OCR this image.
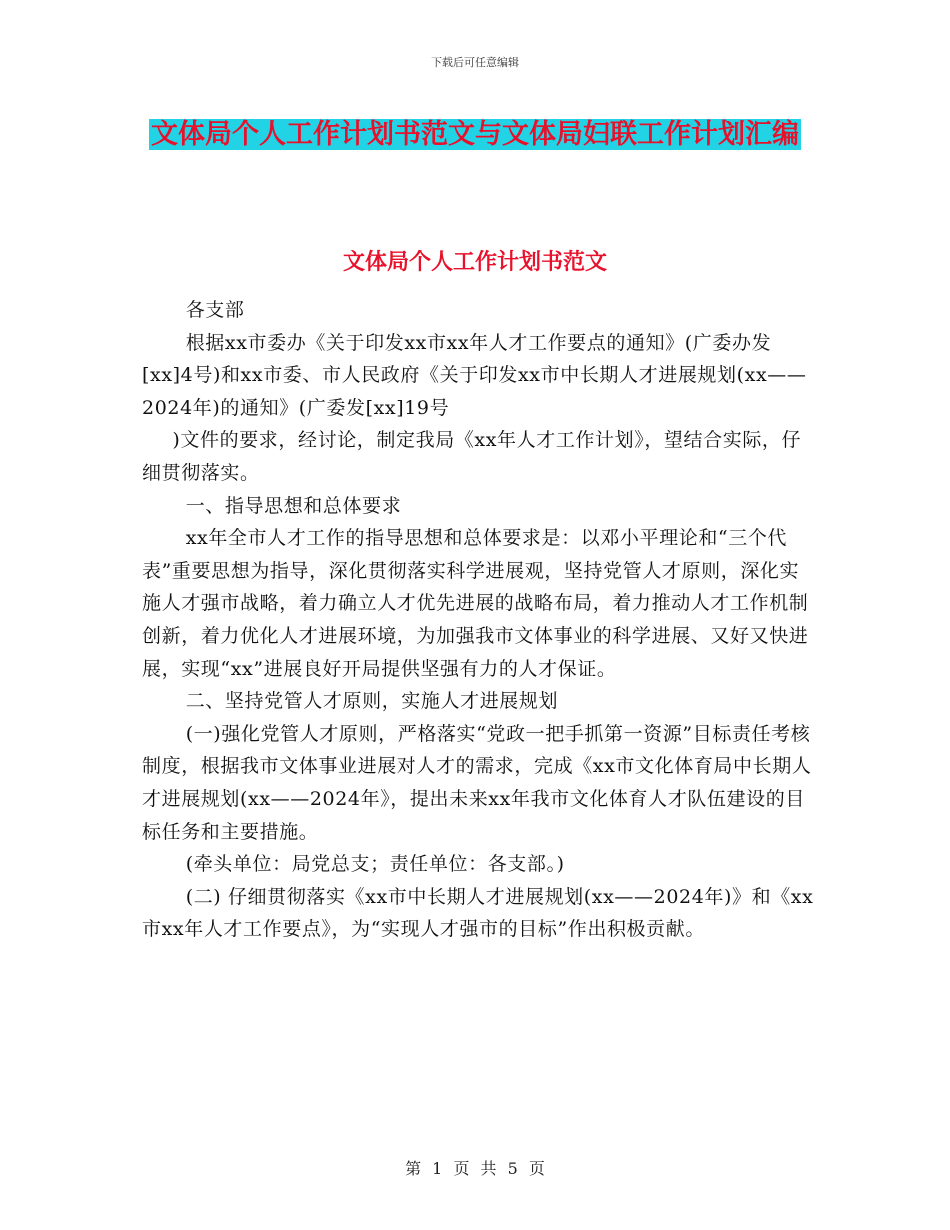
下载后可任意编辑
文体局个人工作计划书范文与文体局妇联工作计划汇编
文体局个人工作计划书范文

各支部

根据xx市委办《关于印发xx市xx年人才工作要点的通知》(广委办发[xx]4号)和xx市委、市人民政府《关于印发xx市中长期人才进展规划(xx——2024年)的通知》(广委发[xx]19号

)文件的要求，经讨论，制定我局《xx年人才工作计划》，望结合实际，仔细贯彻落实。

一、指导思想和总体要求

xx年全市人才工作的指导思想和总体要求是：以邓小平理论和“三个代表”重要思想为指导，深化贯彻落实科学进展观，坚持党管人才原则，深化实施人才强市战略，着力确立人才优先进展的战略布局，着力推动人才工作机制创新，着力优化人才进展环境，为加强我市文体事业的科学进展、又好又快进展，实现“xx”进展良好开局提供坚强有力的人才保证。

二、坚持党管人才原则，实施人才进展规划

(一)强化党管人才原则，严格落实“党政一把手抓第一资源”目标责任考核制度，根据我市文体事业进展对人才的需求，完成《xx市文化体育局中长期人才进展规划(xx——2024年》，提出未来xx年我市文化体育人才队伍建设的目标任务和主要措施。

(牵头单位：局党总支；责任单位：各支部。)

(二) 仔细贯彻落实《xx市中长期人才进展规划(xx——2024年)》和《xx市xx年人才工作要点》，为“实现人才强市的目标”作出积极贡献。

第 1 页 共 5 页
